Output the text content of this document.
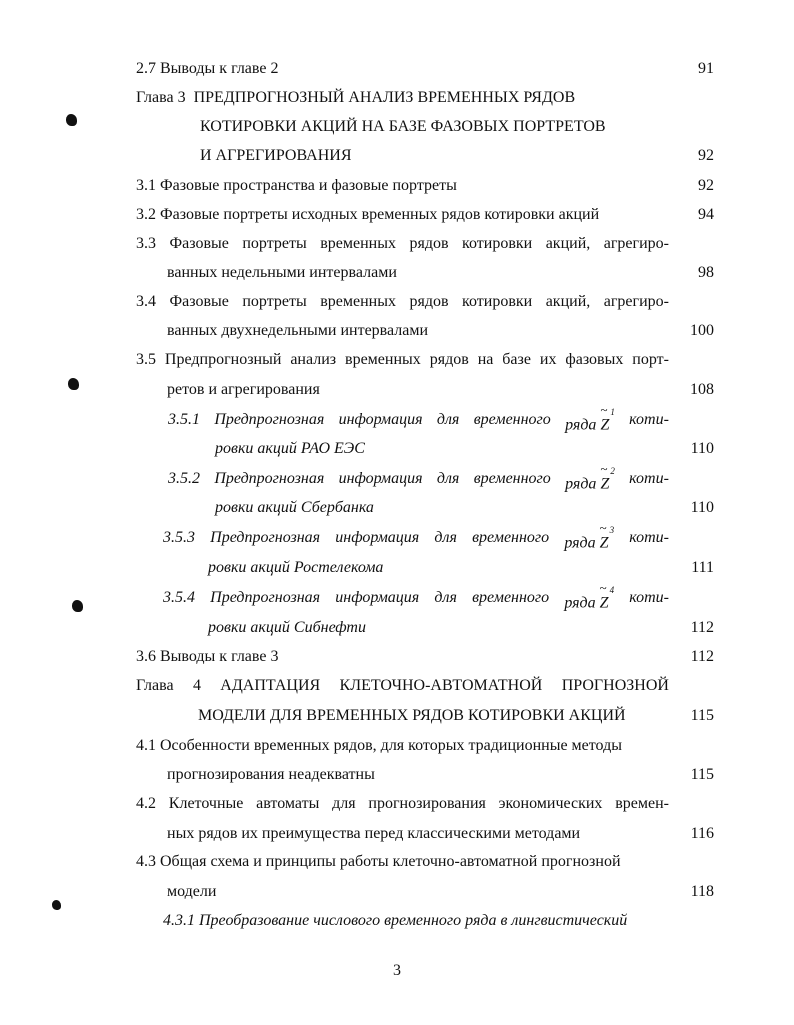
2.7 Выводы к главе 2	91
Глава 3 ПРЕДПРОГНОЗНЫЙ АНАЛИЗ ВРЕМЕННЫХ РЯДОВ
КОТИРОВКИ АКЦИЙ НА БАЗЕ ФАЗОВЫХ ПОРТРЕТОВ
И АГРЕГИРОВАНИЯ	92
3.1 Фазовые пространства и фазовые портреты	92
3.2 Фазовые портреты исходных временных рядов котировки акций	94
3.3 Фазовые портреты временных рядов котировки акций, агрегиро-
ванных недельными интервалами	98
3.4 Фазовые портреты временных рядов котировки акций, агрегиро-
ванных двухнедельными интервалами	100
3.5 Предпрогнозный анализ временных рядов на базе их фазовых порт-
ретов и агрегирования	108
3.5.1 Предпрогнозная информация для временного ряда
~
$Z^1$ коти-
ровки акций РАО ЕЭС	110
3.5.2 Предпрогнозная информация для временного ряда
~
$Z^2$ коти-
ровки акций Сбербанка	110
3.5.3 Предпрогнозная информация для временного ряда
~
$Z^3$ коти-
ровки акций Ростелекома	111
3.5.4 Предпрогнозная информация для временного ряда
~
$Z^4$ коти-
ровки акций Сибнефти	112
3.6 Выводы к главе 3	112
Глава 4 АДАПТАЦИЯ КЛЕТОЧНО-АВТОМАТНОЙ ПРОГНОЗНОЙ
МОДЕЛИ ДЛЯ ВРЕМЕННЫХ РЯДОВ КОТИРОВКИ АКЦИЙ	115
4.1 Особенности временных рядов, для которых традиционные методы
прогнозирования неадекватны	115
4.2 Клеточные автоматы для прогнозирования экономических времен-
ных рядов их преимущества перед классическими методами	116
4.3 Общая схема и принципы работы клеточно-автоматной прогнозной
модели	118
4.3.1 Преобразование числового временного ряда в лингвистический
3
